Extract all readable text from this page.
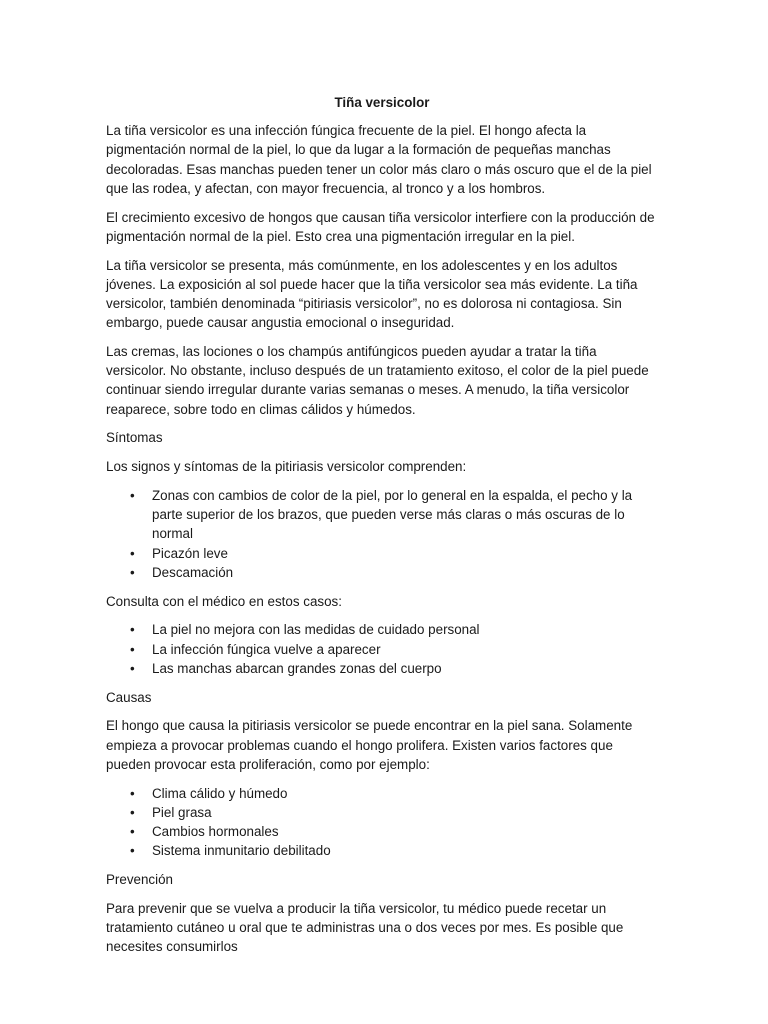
Tiña versicolor

La tiña versicolor es una infección fúngica frecuente de la piel. El hongo afecta la pigmentación normal de la piel, lo que da lugar a la formación de pequeñas manchas decoloradas. Esas manchas pueden tener un color más claro o más oscuro que el de la piel que las rodea, y afectan, con mayor frecuencia, al tronco y a los hombros.

El crecimiento excesivo de hongos que causan tiña versicolor interfiere con la producción de pigmentación normal de la piel. Esto crea una pigmentación irregular en la piel.

La tiña versicolor se presenta, más comúnmente, en los adolescentes y en los adultos jóvenes. La exposición al sol puede hacer que la tiña versicolor sea más evidente. La tiña versicolor, también denominada “pitiriasis versicolor”, no es dolorosa ni contagiosa. Sin embargo, puede causar angustia emocional o inseguridad.

Las cremas, las lociones o los champús antifúngicos pueden ayudar a tratar la tiña versicolor. No obstante, incluso después de un tratamiento exitoso, el color de la piel puede continuar siendo irregular durante varias semanas o meses. A menudo, la tiña versicolor reaparece, sobre todo en climas cálidos y húmedos.

Síntomas

Los signos y síntomas de la pitiriasis versicolor comprenden:

• Zonas con cambios de color de la piel, por lo general en la espalda, el pecho y la parte superior de los brazos, que pueden verse más claras o más oscuras de lo normal
• Picazón leve
• Descamación

Consulta con el médico en estos casos:

• La piel no mejora con las medidas de cuidado personal
• La infección fúngica vuelve a aparecer
• Las manchas abarcan grandes zonas del cuerpo

Causas

El hongo que causa la pitiriasis versicolor se puede encontrar en la piel sana. Solamente empieza a provocar problemas cuando el hongo prolifera. Existen varios factores que pueden provocar esta proliferación, como por ejemplo:

• Clima cálido y húmedo
• Piel grasa
• Cambios hormonales
• Sistema inmunitario debilitado

Prevención

Para prevenir que se vuelva a producir la tiña versicolor, tu médico puede recetar un tratamiento cutáneo u oral que te administras una o dos veces por mes. Es posible que necesites consumirlos
